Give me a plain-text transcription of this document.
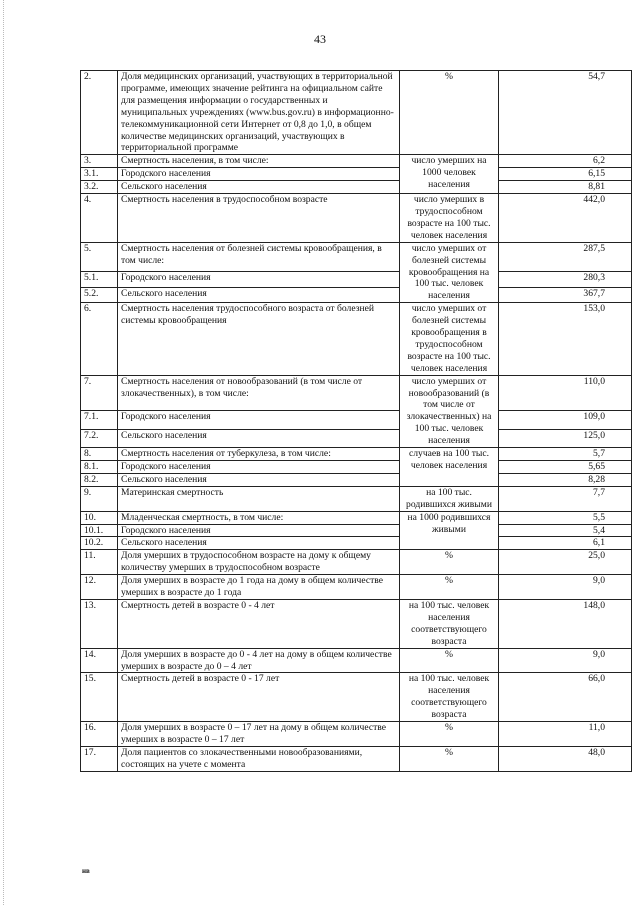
43
2.	Доля медицинских организаций, участвующих в территориальной программе, имеющих значение рейтинга на официальном сайте для размещения информации о государственных и муниципальных учреждениях (www.bus.gov.ru) в информационно-телекоммуникационной сети Интернет от 0,8 до 1,0, в общем количестве медицинских организаций, участвующих в территориальной программе	%	54,7
3.	Смертность населения, в том числе:	число умерших на 1000 человек населения	6,2
3.1.	Городского населения		6,15
3.2.	Сельского населения		8,81
4.	Смертность населения в трудоспособном возрасте	число умерших в трудоспособном возрасте на 100 тыс. человек населения	442,0
5.	Смертность населения от болезней системы кровообращения, в том числе:	число умерших от болезней системы кровообращения на 100 тыс. человек населения	287,5
5.1.	Городского населения		280,3
5.2.	Сельского населения		367,7
6.	Смертность населения трудоспособного возраста от болезней системы кровообращения	число умерших от болезней системы кровообращения в трудоспособном возрасте на 100 тыс. человек населения	153,0
7.	Смертность населения от новообразований (в том числе от злокачественных), в том числе:	число умерших от новообразований (в том числе от злокачественных) на 100 тыс. человек населения	110,0
7.1.	Городского населения		109,0
7.2.	Сельского населения		125,0
8.	Смертность населения от туберкулеза, в том числе:	случаев на 100 тыс. человек населения	5,7
8.1.	Городского населения		5,65
8.2.	Сельского населения		8,28
9.	Материнская смертность	на 100 тыс. родившихся живыми	7,7
10.	Младенческая смертность, в том числе:	на 1000 родившихся живыми	5,5
10.1.	Городского населения		5,4
10.2.	Сельского населения		6,1
11.	Доля умерших в трудоспособном возрасте на дому к общему количеству умерших в трудоспособном возрасте	%	25,0
12.	Доля умерших в возрасте до 1 года на дому в общем количестве умерших в возрасте до 1 года	%	9,0
13.	Смертность детей в возрасте 0 - 4 лет	на 100 тыс. человек населения соответствующего возраста	148,0
14.	Доля умерших в возрасте до 0 - 4 лет на дому в общем количестве умерших в возрасте до 0 – 4 лет	%	9,0
15.	Смертность детей в возрасте 0 - 17 лет	на 100 тыс. человек населения соответствующего возраста	66,0
16.	Доля умерших в возрасте 0 – 17 лет на дому в общем количестве умерших в возрасте 0 – 17 лет	%	11,0
17.	Доля пациентов со злокачественными новообразованиями, состоящих на учете с момента	%	48,0
нв
